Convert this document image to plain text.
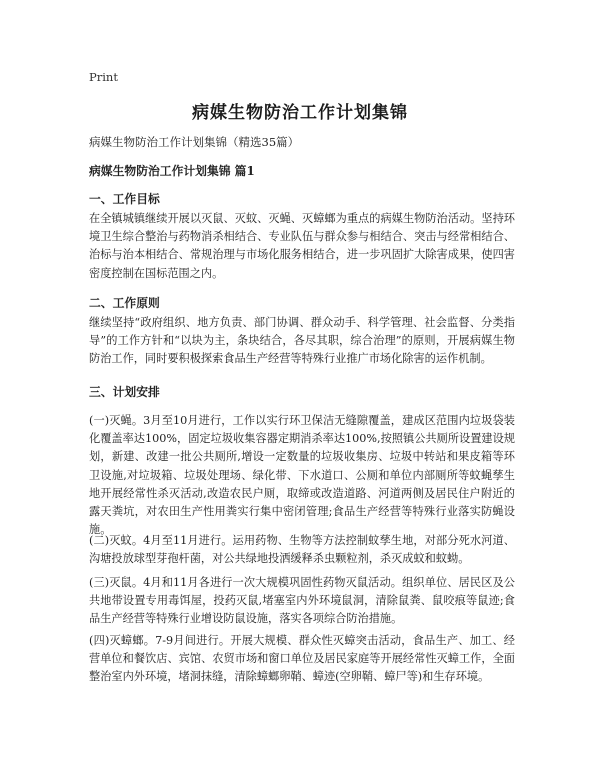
Print
病媒生物防治工作计划集锦
病媒生物防治工作计划集锦（精选35篇）
病媒生物防治工作计划集锦 篇1
一、工作目标

在全镇城镇继续开展以灭鼠、灭蚊、灭蝇、灭蟑螂为重点的病媒生物防治活动。坚持环境卫生综合整治与药物消杀相结合、专业队伍与群众参与相结合、突击与经常相结合、治标与治本相结合、常规治理与市场化服务相结合，进一步巩固扩大除害成果，使四害密度控制在国标范围之内。

二、工作原则

继续坚持“政府组织、地方负责、部门协调、群众动手、科学管理、社会监督、分类指导”的工作方针和“以块为主，条块结合，各尽其职，综合治理”的原则，开展病媒生物防治工作，同时要积极探索食品生产经营等特殊行业推广市场化除害的运作机制。

三、计划安排

(一)灭蝇。3月至10月进行，工作以实行环卫保洁无缝隙覆盖，建成区范围内垃圾袋装化覆盖率达100%，固定垃圾收集容器定期消杀率达100%,按照镇公共厕所设置建设规划，新建、改建一批公共厕所,增设一定数量的垃圾收集房、垃圾中转站和果皮箱等环卫设施,对垃圾箱、垃圾处理场、绿化带、下水道口、公厕和单位内部厕所等蚊蝇孳生地开展经常性杀灭活动,改造农民户厕，取缔或改造道路、河道两侧及居民住户附近的露天粪坑，对农田生产性用粪实行集中密闭管理;食品生产经营等特殊行业落实防蝇设施。

(二)灭蚊。4月至11月进行。运用药物、生物等方法控制蚊孳生地，对部分死水河道、沟塘投放球型芽孢杆菌，对公共绿地投洒缓释杀虫颗粒剂，杀灭成蚊和蚊蚴。

(三)灭鼠。4月和11月各进行一次大规模巩固性药物灭鼠活动。组织单位、居民区及公共地带设置专用毒饵屋，投药灭鼠,堵塞室内外环境鼠洞，清除鼠粪、鼠咬痕等鼠迹;食品生产经营等特殊行业增设防鼠设施，落实各项综合防治措施。

(四)灭蟑螂。7-9月间进行。开展大规模、群众性灭蟑突击活动，食品生产、加工、经营单位和餐饮店、宾馆、农贸市场和窗口单位及居民家庭等开展经常性灭蟑工作，全面整治室内外环境，堵洞抹缝，清除蟑螂卵鞘、蟑迹(空卵鞘、蟑尸等)和生存环境。
